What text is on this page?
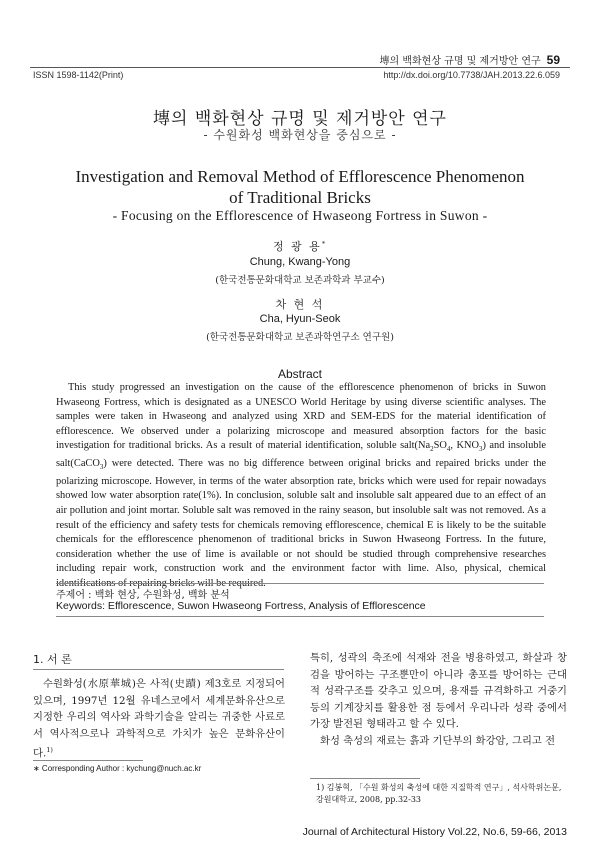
塼의 백화현상 규명 및 제거방안 연구 59
ISSN 1598-1142(Print)	http://dx.doi.org/10.7738/JAH.2013.22.6.059
塼의 백화현상 규명 및 제거방안 연구
- 수원화성 백화현상을 중심으로 -
Investigation and Removal Method of Efflorescence Phenomenon
of Traditional Bricks
- Focusing on the Efflorescence of Hwaseong Fortress in Suwon -
정 광 용*
Chung, Kwang-Yong
(한국전통문화대학교 보존과학과 부교수)
차 현 석
Cha, Hyun-Seok
(한국전통문화대학교 보존과학연구소 연구원)
Abstract
This study progressed an investigation on the cause of the efflorescence phenomenon of bricks in Suwon Hwaseong Fortress, which is designated as a UNESCO World Heritage by using diverse scientific analyses. The samples were taken in Hwaseong and analyzed using XRD and SEM-EDS for the material identification of efflorescence. We observed under a polarizing microscope and measured absorption factors for the basic investigation for traditional bricks. As a result of material identification, soluble $salt(Na_2SO_4$, $KNO_3$) and insoluble salt(CaCO$_3$) were detected. There was no big difference between original bricks and repaired bricks under the polarizing microscope. However, in terms of the water absorption rate, bricks which were used for repair nowadays showed low water absorption rate(1%). In conclusion, soluble salt and insoluble salt appeared due to an effect of an air pollution and joint mortar. Soluble salt was removed in the rainy season, but insoluble salt was not removed. As a result of the efficiency and safety tests for chemicals removing efflorescence, chemical E is likely to be the suitable chemicals for the efflorescence phenomenon of traditional bricks in Suwon Hwaseong Fortress. In the future, consideration whether the use of lime is available or not should be studied through comprehensive researches including repair work, construction work and the environment factor with lime. Also, physical, chemical identifications of repairing bricks will be required.
주제어 : 백화 현상, 수원화성, 백화 분석
Keywords: Efflorescence, Suwon Hwaseong Fortress, Analysis of Efflorescence
1. 서 론
수원화성(水原華城)은 사적(史蹟) 제3호로 지정되어 있으며, 1997년 12월 유네스코에서 세계문화유산으로 지정한 우리의 역사와 과학기술을 알리는 귀중한 사료로서 역사적으로나 과학적으로 가치가 높은 문화유산이다.$^{1)}$
특히, 성곽의 축조에 석재와 전을 병용하였고, 화살과 창검을 방어하는 구조뿐만이 아니라 총포를 방어하는 근대적 성곽구조를 갖추고 있으며, 용재를 규격화하고 거중기 등의 기계장치를 활용한 점 등에서 우리나라 성곽 중에서 가장 발전된 형태라고 할 수 있다.
화성 축성의 재료는 흙과 기단부의 화강암, 그리고 전
∗ Corresponding Author : kychung@nuch.ac.kr
1) 김봉혁, 「수원 화성의 축성에 대한 지질학적 연구」, 석사학위논문, 강원대학교, 2008, pp.32-33
Journal of Architectural History Vol.22, No.6, 59-66, 2013
